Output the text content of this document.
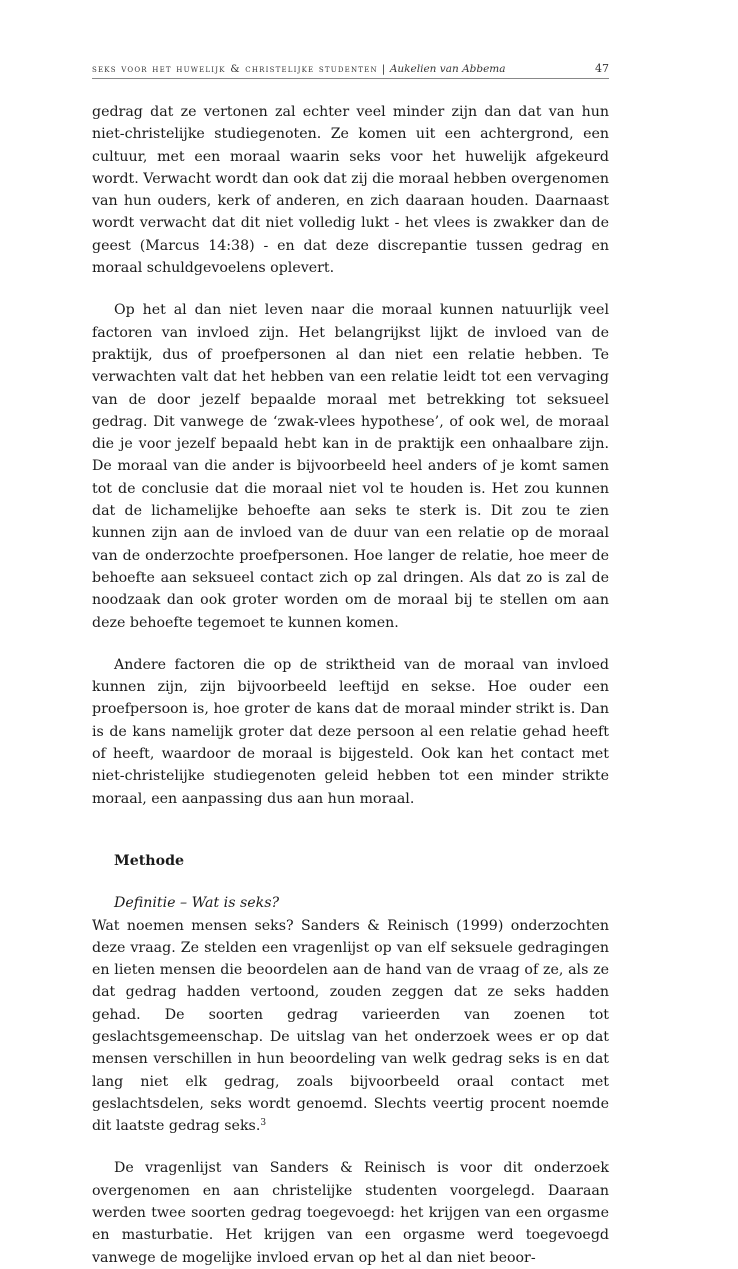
seks voor het huwelijk & christelijke studenten | Aukelien van Abbema	47

gedrag dat ze vertonen zal echter veel minder zijn dan dat van hun niet-christelijke studiegenoten. Ze komen uit een achtergrond, een cultuur, met een moraal waarin seks voor het huwelijk afgekeurd wordt. Verwacht wordt dan ook dat zij die moraal hebben overgenomen van hun ouders, kerk of anderen, en zich daaraan houden. Daarnaast wordt verwacht dat dit niet volledig lukt - het vlees is zwakker dan de geest (Marcus 14:38) - en dat deze discrepantie tussen gedrag en moraal schuldgevoelens oplevert.

Op het al dan niet leven naar die moraal kunnen natuurlijk veel factoren van invloed zijn. Het belangrijkst lijkt de invloed van de praktijk, dus of proefpersonen al dan niet een relatie hebben. Te verwachten valt dat het hebben van een relatie leidt tot een vervaging van de door jezelf bepaalde moraal met betrekking tot seksueel gedrag. Dit vanwege de ‘zwak-vlees hypothese’, of ook wel, de moraal die je voor jezelf bepaald hebt kan in de praktijk een onhaalbare zijn. De moraal van die ander is bijvoorbeeld heel anders of je komt samen tot de conclusie dat die moraal niet vol te houden is. Het zou kunnen dat de lichamelijke behoefte aan seks te sterk is. Dit zou te zien kunnen zijn aan de invloed van de duur van een relatie op de moraal van de onderzochte proefpersonen. Hoe langer de relatie, hoe meer de behoefte aan seksueel contact zich op zal dringen. Als dat zo is zal de noodzaak dan ook groter worden om de moraal bij te stellen om aan deze behoefte tegemoet te kunnen komen.

Andere factoren die op de striktheid van de moraal van invloed kunnen zijn, zijn bijvoorbeeld leeftijd en sekse. Hoe ouder een proefpersoon is, hoe groter de kans dat de moraal minder strikt is. Dan is de kans namelijk groter dat deze persoon al een relatie gehad heeft of heeft, waardoor de moraal is bijgesteld. Ook kan het contact met niet-christelijke studiegenoten geleid hebben tot een minder strikte moraal, een aanpassing dus aan hun moraal.

Methode

Definitie – Wat is seks?

Wat noemen mensen seks? Sanders & Reinisch (1999) onderzochten deze vraag. Ze stelden een vragenlijst op van elf seksuele gedragingen en lieten mensen die beoordelen aan de hand van de vraag of ze, als ze dat gedrag hadden vertoond, zouden zeggen dat ze seks hadden gehad. De soorten gedrag varieerden van zoenen tot geslachtsgemeenschap. De uitslag van het onderzoek wees er op dat mensen verschillen in hun beoordeling van welk gedrag seks is en dat lang niet elk gedrag, zoals bijvoorbeeld oraal contact met geslachtsdelen, seks wordt genoemd. Slechts veertig procent noemde dit laatste gedrag seks.$^3$

De vragenlijst van Sanders & Reinisch is voor dit onderzoek overgenomen en aan christelijke studenten voorgelegd. Daaraan werden twee soorten gedrag toegevoegd: het krijgen van een orgasme en masturbatie. Het krijgen van een orgasme werd toegevoegd vanwege de mogelijke invloed ervan op het al dan niet beoor-
